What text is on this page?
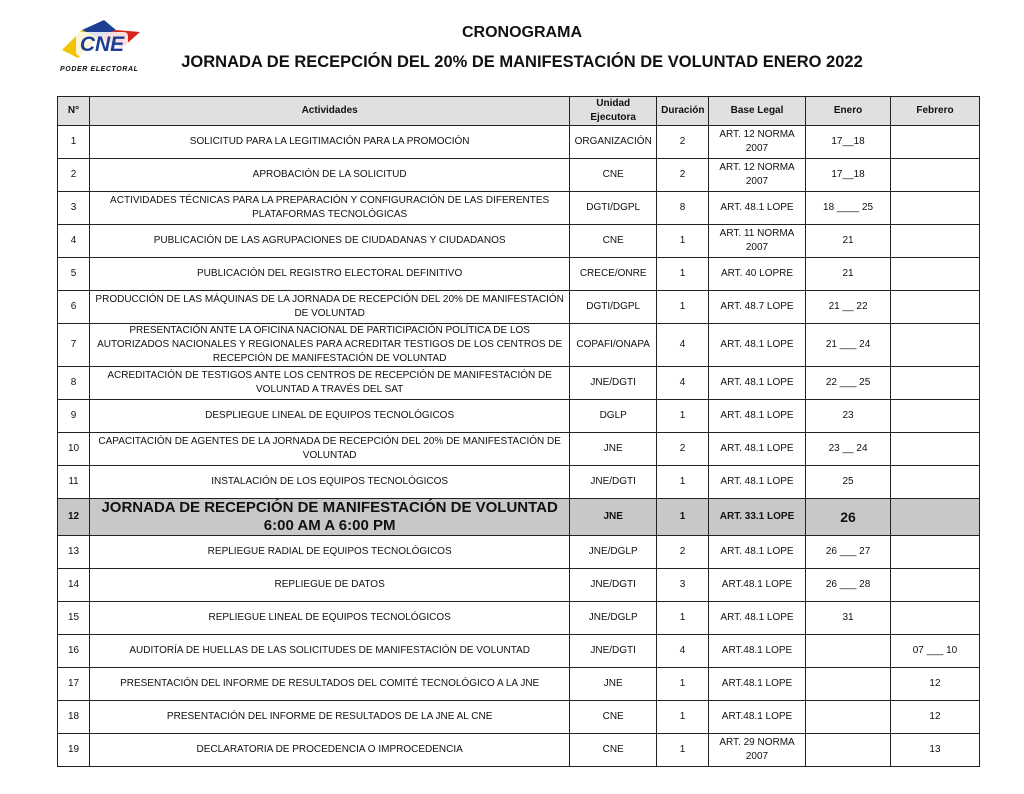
CNE
PODER ELECTORAL
CRONOGRAMA
JORNADA DE RECEPCIÓN DEL 20% DE MANIFESTACIÓN DE VOLUNTAD ENERO 2022
N°	Actividades	Unidad Ejecutora	Duración	Base Legal	Enero	Febrero
1	SOLICITUD PARA LA LEGITIMACIÓN PARA LA PROMOCIÓN	ORGANIZACIÓN	2	ART. 12 NORMA 2007	17__18	
2	APROBACIÓN DE LA SOLICITUD	CNE	2	ART. 12 NORMA 2007	17__18	
3	ACTIVIDADES TÉCNICAS PARA LA PREPARACIÓN Y CONFIGURACIÓN DE LAS DIFERENTES PLATAFORMAS TECNOLÓGICAS	DGTI/DGPL	8	ART. 48.1 LOPE	18 ____ 25	
4	PUBLICACIÓN DE LAS AGRUPACIONES DE CIUDADANAS Y CIUDADANOS	CNE	1	ART. 11 NORMA 2007	21	
5	PUBLICACIÓN DEL REGISTRO ELECTORAL DEFINITIVO	CRECE/ONRE	1	ART. 40 LOPRE	21	
6	PRODUCCIÓN DE LAS MÁQUINAS DE LA JORNADA DE RECEPCIÓN DEL 20% DE MANIFESTACIÓN DE VOLUNTAD	DGTI/DGPL	1	ART. 48.7 LOPE	21 __ 22	
7	PRESENTACIÓN ANTE LA OFICINA NACIONAL DE PARTICIPACIÓN POLÍTICA DE LOS AUTORIZADOS NACIONALES Y REGIONALES PARA ACREDITAR TESTIGOS DE LOS CENTROS DE RECEPCIÓN DE MANIFESTACIÓN DE VOLUNTAD	COPAFI/ONAPA	4	ART. 48.1 LOPE	21 ___ 24	
8	ACREDITACIÓN DE TESTIGOS ANTE LOS CENTROS DE RECEPCIÓN DE MANIFESTACIÓN DE VOLUNTAD A TRAVÉS DEL SAT	JNE/DGTI	4	ART. 48.1 LOPE	22 ___ 25	
9	DESPLIEGUE LINEAL DE EQUIPOS TECNOLÓGICOS	DGLP	1	ART. 48.1 LOPE	23	
10	CAPACITACIÓN DE AGENTES DE LA JORNADA DE RECEPCIÓN DEL 20% DE MANIFESTACIÓN DE VOLUNTAD	JNE	2	ART. 48.1 LOPE	23 __ 24	
11	INSTALACIÓN DE LOS EQUIPOS TECNOLÓGICOS	JNE/DGTI	1	ART. 48.1 LOPE	25	
12	JORNADA DE RECEPCIÓN DE MANIFESTACIÓN DE VOLUNTAD
6:00 AM A 6:00 PM	JNE	1	ART. 33.1 LOPE	26	
13	REPLIEGUE RADIAL DE EQUIPOS TECNOLÓGICOS	JNE/DGLP	2	ART. 48.1 LOPE	26 ___ 27	
14	REPLIEGUE DE DATOS	JNE/DGTI	3	ART.48.1 LOPE	26 ___ 28	
15	REPLIEGUE LINEAL DE EQUIPOS TECNOLÓGICOS	JNE/DGLP	1	ART. 48.1 LOPE	31	
16	AUDITORÍA DE HUELLAS DE LAS SOLICITUDES DE MANIFESTACIÓN DE VOLUNTAD	JNE/DGTI	4	ART.48.1 LOPE		07 ___ 10
17	PRESENTACIÓN DEL INFORME DE RESULTADOS DEL COMITÉ TECNOLÓGICO A LA JNE	JNE	1	ART.48.1 LOPE		12
18	PRESENTACIÓN DEL INFORME DE RESULTADOS DE LA JNE AL CNE	CNE	1	ART.48.1 LOPE		12
19	DECLARATORIA DE PROCEDENCIA O IMPROCEDENCIA	CNE	1	ART. 29 NORMA 2007		13
